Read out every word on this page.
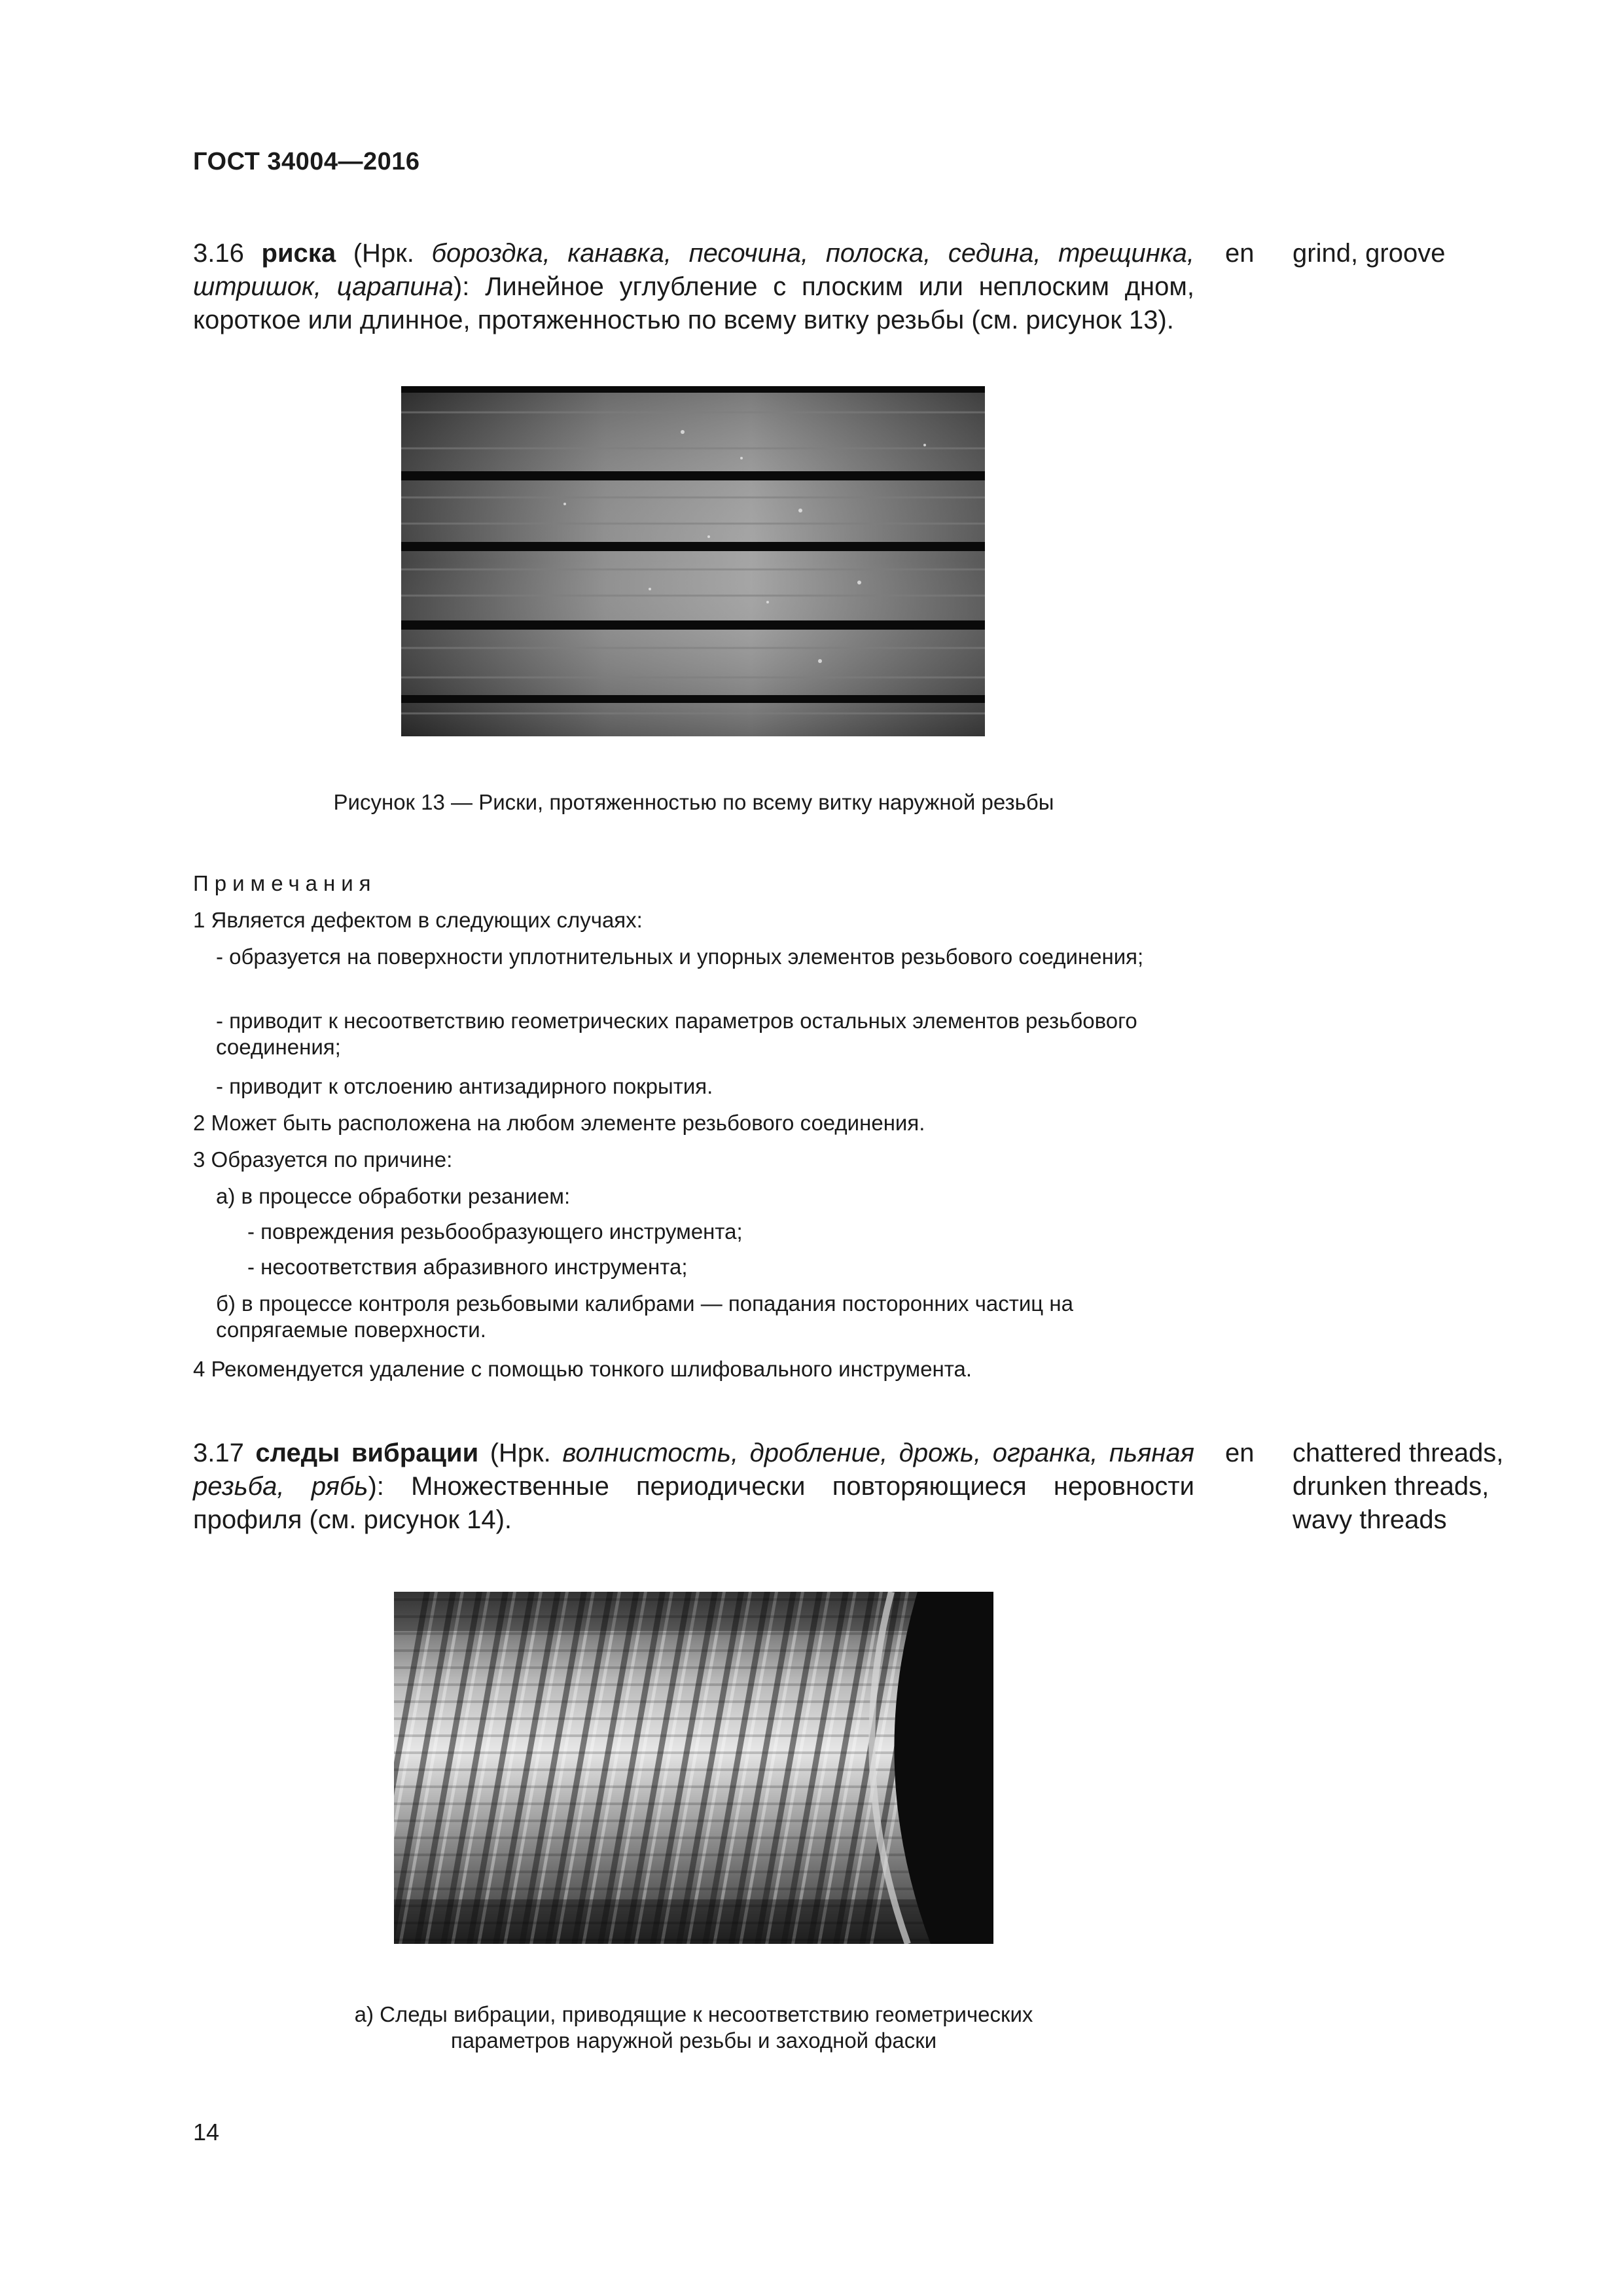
ГОСТ 34004—2016
3.16 риска (Нрк. бороздка, канавка, песочина, полоска, седина, трещинка, штришок, царапина): Линейное углубление с плоским или неплоским дном, короткое или длинное, протяженностью по всему витку резьбы (см. рисунок 13).
en grind, groove
Рисунок 13 — Риски, протяженностью по всему витку наружной резьбы
Примечания
1 Является дефектом в следующих случаях:
- образуется на поверхности уплотнительных и упорных элементов резьбового соединения;
- приводит к несоответствию геометрических параметров остальных элементов резьбового соединения;
- приводит к отслоению антизадирного покрытия.
2 Может быть расположена на любом элементе резьбового соединения.
3 Образуется по причине:
а) в процессе обработки резанием:
- повреждения резьбообразующего инструмента;
- несоответствия абразивного инструмента;
б) в процессе контроля резьбовыми калибрами — попадания посторонних частиц на сопрягаемые поверхности.
4 Рекомендуется удаление с помощью тонкого шлифовального инструмента.
3.17 следы вибрации (Нрк. волнистость, дробление, дрожь, огранка, пьяная резьба, рябь): Множественные периодически повторяющиеся неровности профиля (см. рисунок 14).
en chattered threads,
drunken threads,
wavy threads
а) Следы вибрации, приводящие к несоответствию геометрических
параметров наружной резьбы и заходной фаски
14
